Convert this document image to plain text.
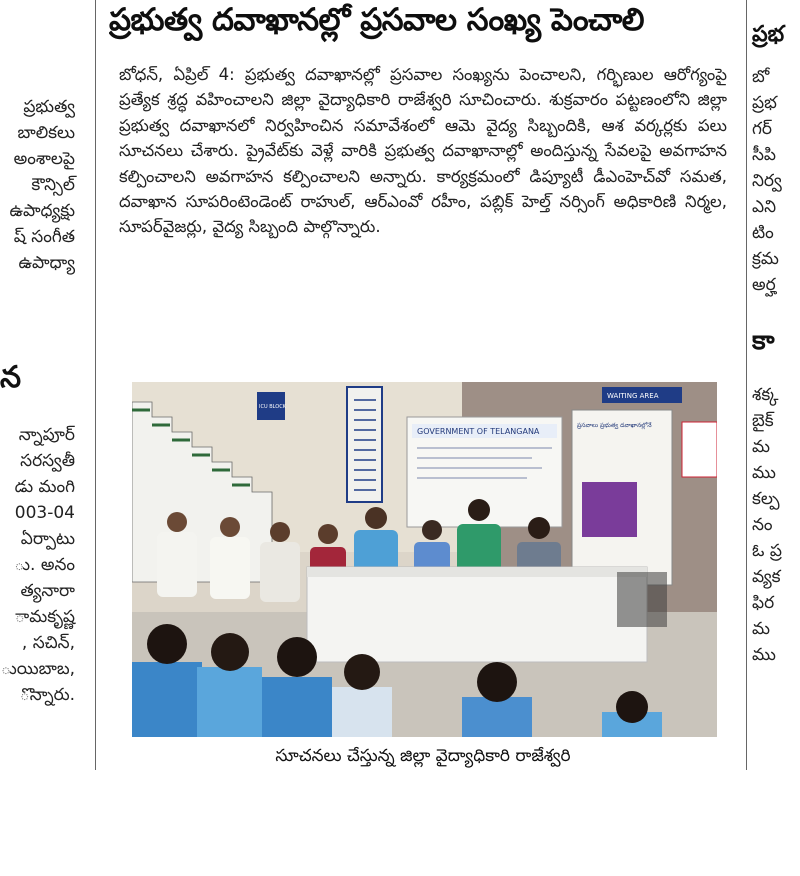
ప్రభుత్వ
బాలికలు
అంశాలపై
కౌన్సిల్
ఉపాధ్యక్షు
ష్ సంగీత
ఉపాధ్యా
న
న్నాపూర్
సరస్వతీ
డు మంగి
003-04
ఏర్పాటు
ు. అనం
త్యనారా
ామకృష్ణ
, సచిన్,
ుయిబాబ,
ొన్నారు.
ప్రభుత్వ దవాఖానల్లో ప్రసవాల సంఖ్య పెంచాలి
బోధన్, ఏప్రిల్ 4: ప్రభుత్వ దవాఖానల్లో ప్రసవాల సంఖ్యను పెంచాలని, గర్భిణుల ఆరోగ్యంపై ప్రత్యేక శ్రద్ధ వహించాలని జిల్లా వైద్యాధికారి రాజేశ్వరి సూచించారు. శుక్రవారం పట్టణంలోని జిల్లా ప్రభుత్వ దవాఖానలో నిర్వహించిన సమావేశంలో ఆమె వైద్య సిబ్బందికి, ఆశ వర్కర్లకు పలు సూచనలు చేశారు. ప్రైవేట్‌కు వెళ్లే వారికి ప్రభుత్వ దవాఖానాల్లో అందిస్తున్న సేవలపై అవగాహన కల్పించాలని అవగాహన కల్పించాలని అన్నారు. కార్యక్రమంలో డిప్యూటీ డీఎంహెచ్‌వో సమత, దవాఖాన సూపరింటెండెంట్ రాహుల్, ఆర్‌ఎంవో రహీం, పబ్లిక్ హెల్త్ నర్సింగ్ అధికారిణి నిర్మల, సూపర్‌వైజర్లు, వైద్య సిబ్బంది పాల్గొన్నారు.
ICU BLOCK
GOVERNMENT OF TELANGANA
ప్రసవాలు ప్రభుత్వ దవాఖానల్లోనే
WAITING AREA
సూచనలు చేస్తున్న జిల్లా వైద్యాధికారి రాజేశ్వరి
ప్రభ
బో
ప్రభ
గర్
సీపి
నిర్వ
ఎని
టిం
క్రమ
అర్హ
కా
శక్క
బైక్
మ
ము
కల్ప
నం
ఓ ప్ర
వ్యక
ఫిర
మ
ము
